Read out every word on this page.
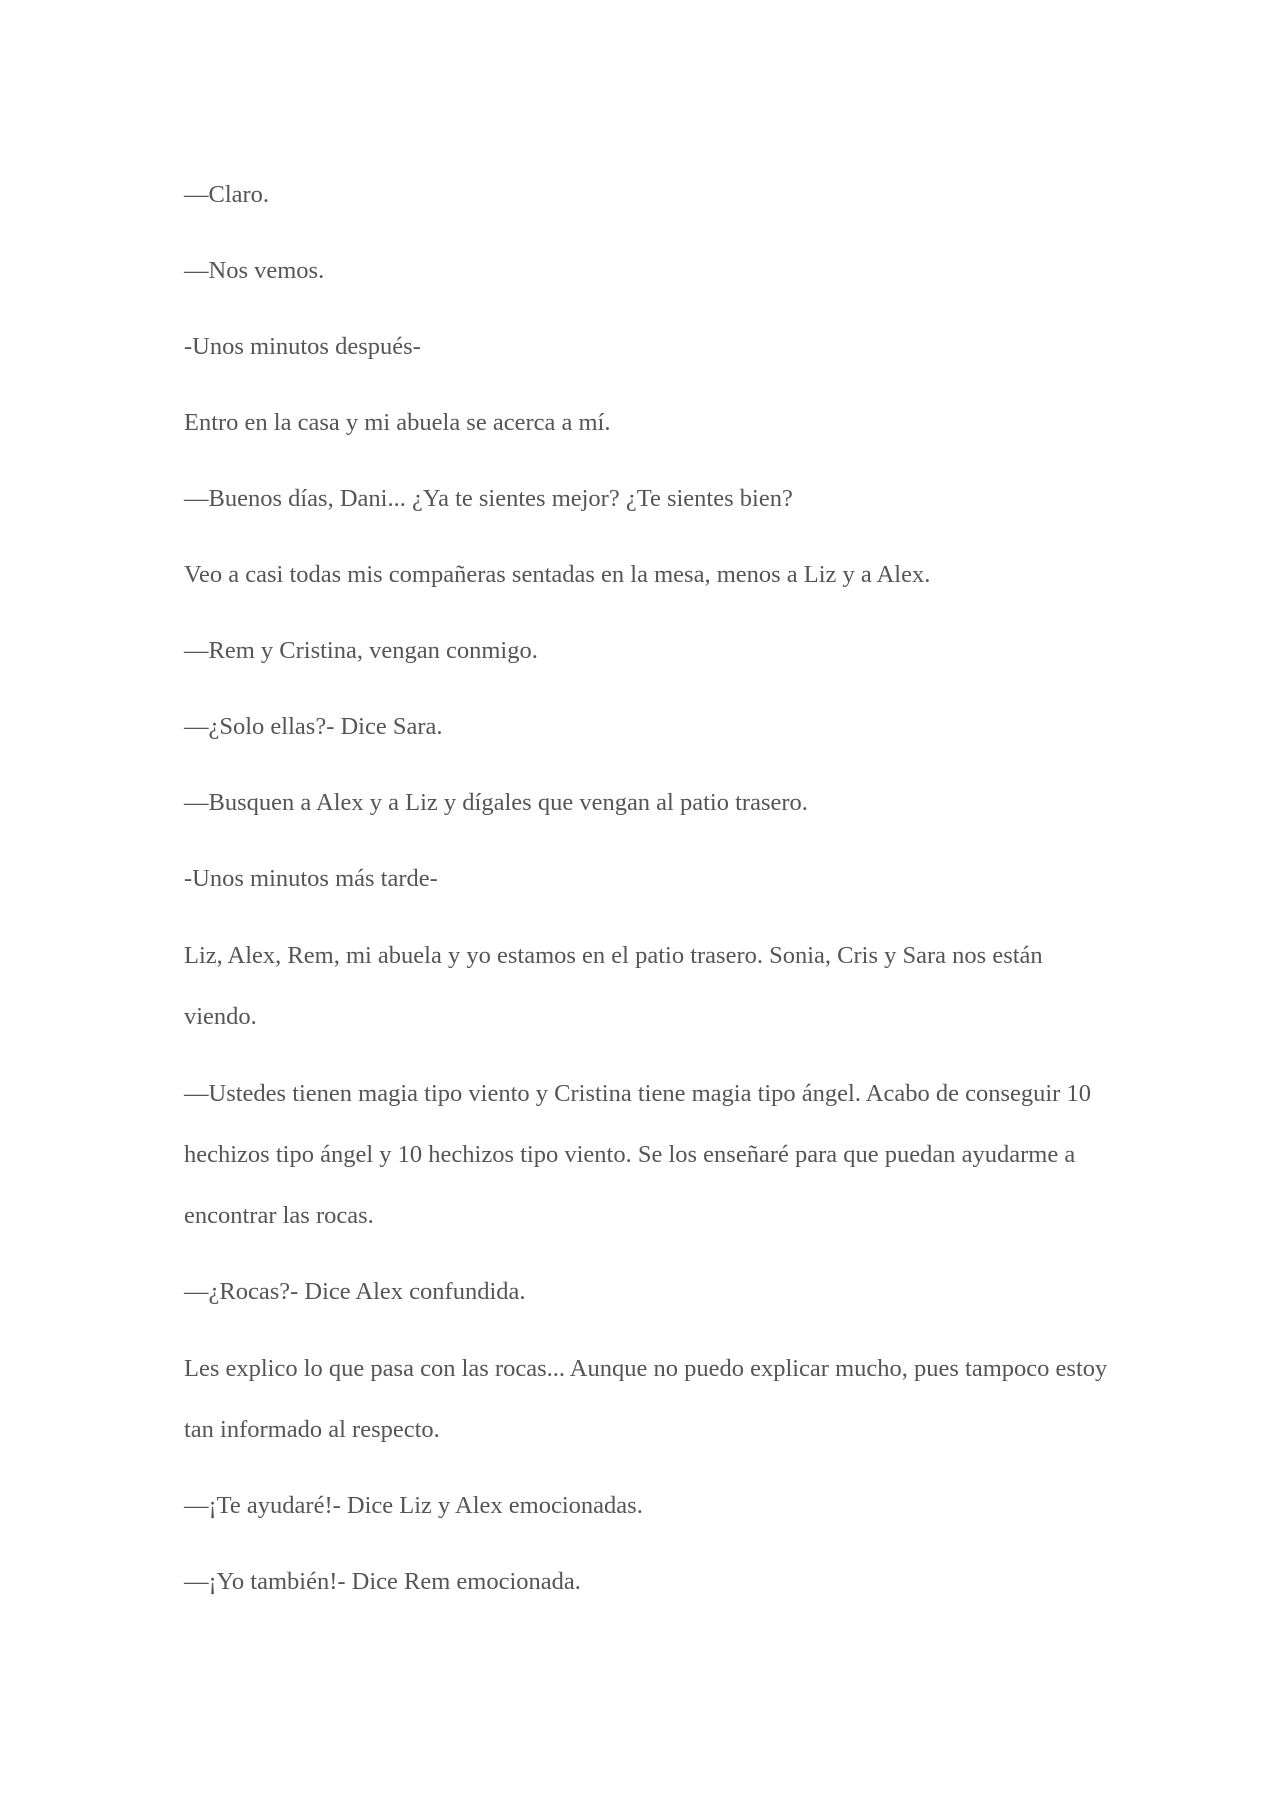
—Claro.

—Nos vemos.

-Unos minutos después-

Entro en la casa y mi abuela se acerca a mí.

—Buenos días, Dani... ¿Ya te sientes mejor? ¿Te sientes bien?

Veo a casi todas mis compañeras sentadas en la mesa, menos a Liz y a Alex.

—Rem y Cristina, vengan conmigo.

—¿Solo ellas?- Dice Sara.

—Busquen a Alex y a Liz y dígales que vengan al patio trasero.

-Unos minutos más tarde-

Liz, Alex, Rem, mi abuela y yo estamos en el patio trasero. Sonia, Cris y Sara nos están viendo.

—Ustedes tienen magia tipo viento y Cristina tiene magia tipo ángel. Acabo de conseguir 10 hechizos tipo ángel y 10 hechizos tipo viento. Se los enseñaré para que puedan ayudarme a encontrar las rocas.

—¿Rocas?- Dice Alex confundida.

Les explico lo que pasa con las rocas... Aunque no puedo explicar mucho, pues tampoco estoy tan informado al respecto.

—¡Te ayudaré!- Dice Liz y Alex emocionadas.

—¡Yo también!- Dice Rem emocionada.
